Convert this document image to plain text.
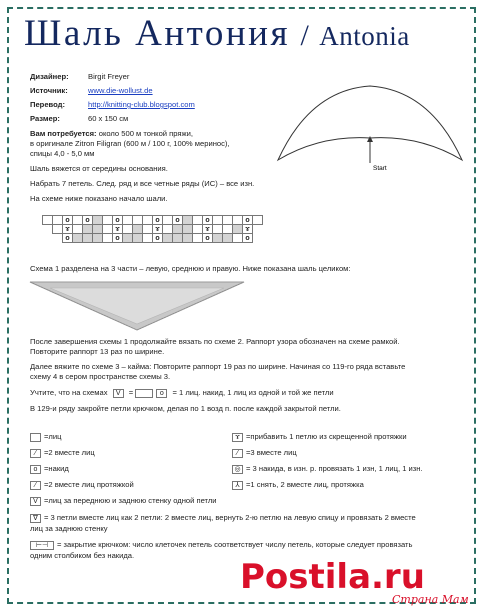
Шаль Антония / Antonia
Дизайнер:	Birgit Freyer
Источник:	www.die-wollust.de
Перевод:	http://knitting-club.blogspot.com
Размер:	60 x 150 см
Вам потребуется: около 500 м тонкой пряжи,
в оригинале Zitron Filigran (600 м / 100 г, 100% меринос),
спицы 4,0 - 5,0 мм
Шаль вяжется от середины основания.
Набрать 7 петель. След. ряд и все четные ряды (ИС) – все изн.
На схеме ниже показано начало шали.
Start
		o		o			o				o		o			o				o	
		ɤ					ɤ				ɤ					ɤ				ɤ	
		o					o				o					o				o	
Схема 1 разделена на 3 части – левую, среднюю и правую. Ниже показана шаль целиком:
После завершения схемы 1 продолжайте вязать по схеме 2. Раппорт узора обозначен на схеме рамкой.
Повторите раппорт 13 раз по ширине.
Далее вяжите по схеме 3 – кайма: Повторите раппорт 19 раз по ширине. Начиная со 119-го ряда вставьте
схему 4 в сером пространстве схемы 3.
Учтите, что на схемах V =	o = 1 лиц. накид, 1 лиц из одной и той же петли
В 129-и ряду закройте петли крючком, делая по 1 возд п. после каждой закрытой петли.
=лиц	ɤ =прибавить 1 петлю из скрещенной протяжки
⁄ =2 вместе лиц	⁄ =3 вместе лиц
o =накид	◎ = 3 накида, в изн. р. провязать 1 изн, 1 лиц, 1 изн.
⁄ =2 вместе лиц протяжкой	⅄ =1 снять, 2 вместе лиц, протяжка
V =лиц за переднюю и заднюю стенку одной петли
∇ = 3 петли вместе лиц как 2 петли: 2 вместе лиц, вернуть 2-ю петлю на левую спицу и провязать 2 вместе
лиц за заднюю стенку
⊢⊣ = закрытие крючком: число клеточек петель соответствует числу петель, которые следует провязать
одним столбиком без накида.
Postila.ru
Страна Мам
